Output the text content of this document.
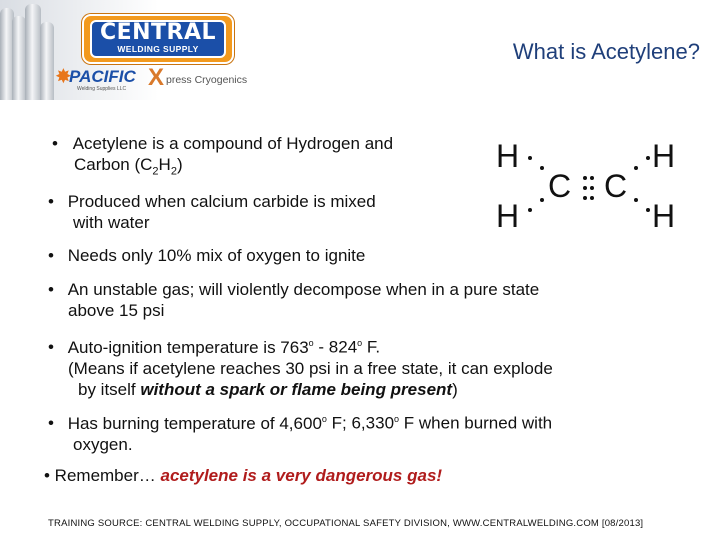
CENTRAL
WELDING SUPPLY
✸
PACIFIC
Welding Supplies LLC X press Cryogenics
What is Acetylene?
H
H
C C
H
H
• Acetylene is a compound of Hydrogen and
Carbon $(C_2H_2)$
• Produced when calcium carbide is mixed
with water
• Needs only 10% mix of oxygen to ignite
• An unstable gas; will violently decompose when in a pure state
above 15 psi
• Auto-ignition temperature is 763$^o$ - 824$^o$ F.
(Means if acetylene reaches 30 psi in a free state, it can explode
by itself without a spark or flame being present)
• Has burning temperature of 4,600$^o$ F; 6,330$^o$ F when burned with
oxygen.
• Remember… acetylene is a very dangerous gas!
TRAINING SOURCE: CENTRAL WELDING SUPPLY, OCCUPATIONAL SAFETY DIVISION, WWW.CENTRALWELDING.COM [08/2013]
